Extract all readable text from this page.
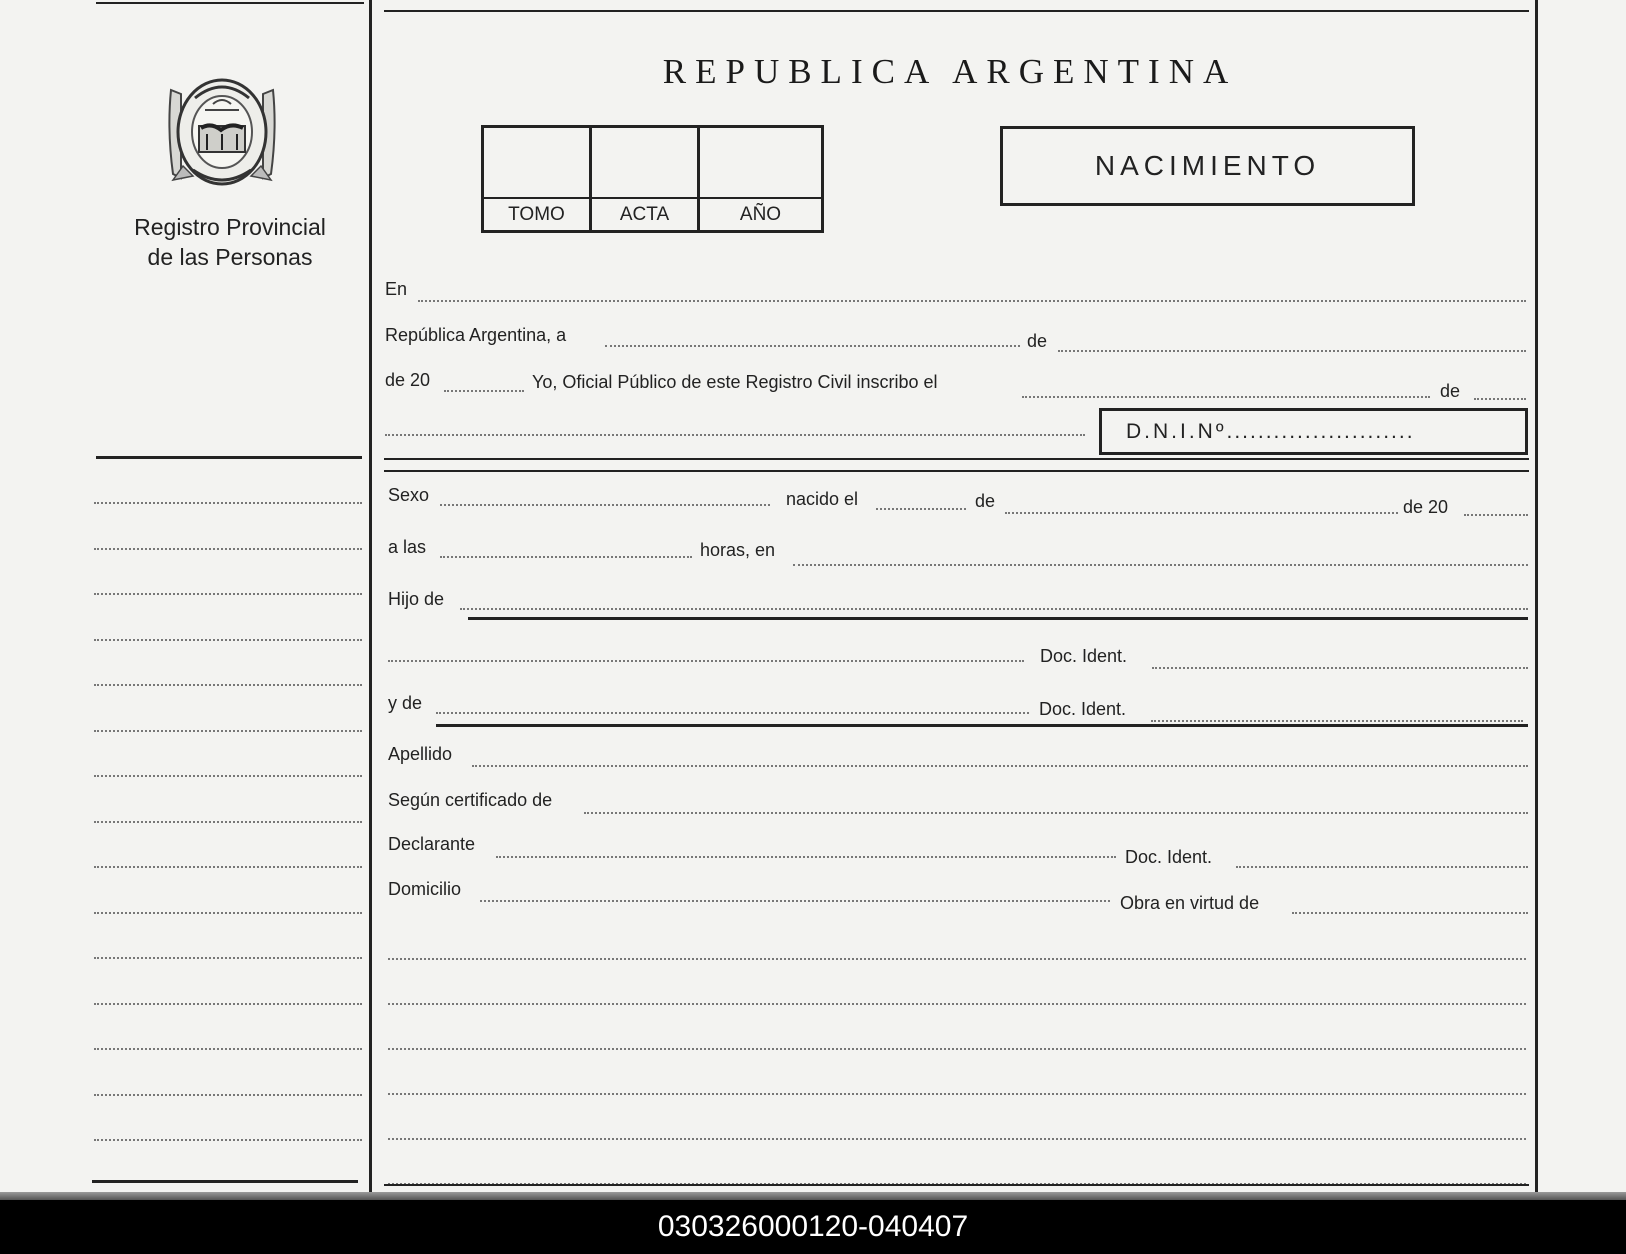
REPUBLICA ARGENTINA
TOMO	ACTA	AÑO
NACIMIENTO
Registro Provincial
de las Personas
En
República Argentina, a	de
de 20	Yo, Oficial Público de este Registro Civil inscribo el	de
D.N.I.Nº........................
Sexo	nacido el	de	de 20
a las	horas, en
Hijo de
Doc. Ident.
y de	Doc. Ident.
Apellido
Según certificado de
Declarante
Doc. Ident.
Domicilio
Obra en virtud de
030326000120-040407
